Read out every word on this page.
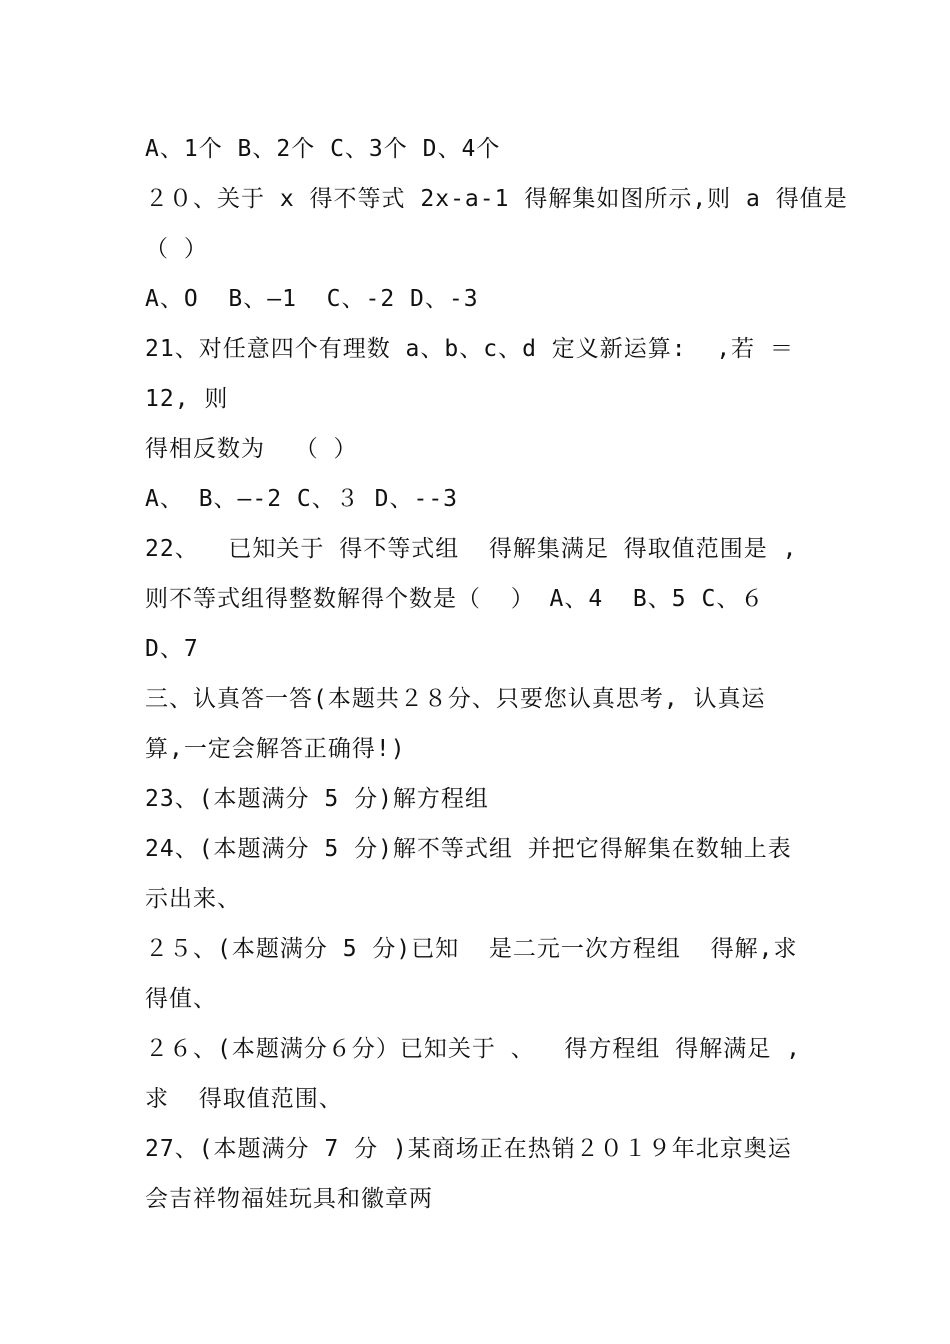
A、1个 B、2个 C、3个 D、4个
２０、关于 x 得不等式 2x-a-1 得解集如图所示,则 a 得值是
（ ）
A、O  B、—1  C、-2 D、-3
21、对任意四个有理数 a、b、c、d 定义新运算:  ,若 ＝
12, 则
得相反数为  （ ）
A、 B、—-2 C、３ D、--3
22、  已知关于 得不等式组  得解集满足 得取值范围是 ,
则不等式组得整数解得个数是（  ） A、4  B、5 C、６
D、7
三、认真答一答(本题共２８分、只要您认真思考, 认真运
算,一定会解答正确得!)
23、(本题满分 5 分)解方程组
24、(本题满分 5 分)解不等式组 并把它得解集在数轴上表
示出来、
２５、(本题满分 5 分)已知  是二元一次方程组  得解,求
得值、
２６、(本题满分６分）已知关于 、  得方程组 得解满足 ,
求  得取值范围、
27、(本题满分 7 分 )某商场正在热销２０１９年北京奥运
会吉祥物福娃玩具和徽章两
